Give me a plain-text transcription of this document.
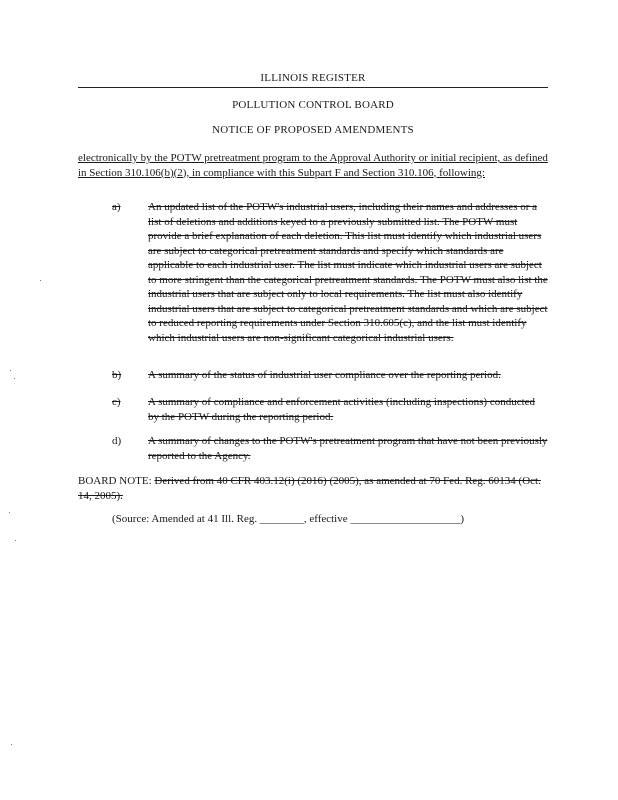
ILLINOIS REGISTER
POLLUTION CONTROL BOARD
NOTICE OF PROPOSED AMENDMENTS
electronically by the POTW pretreatment program to the Approval Authority or initial recipient, as defined in Section 310.106(b)(2), in compliance with this Subpart F and Section 310.106, following:
a)	An updated list of the POTW's industrial users, including their names and addresses or a list of deletions and additions keyed to a previously submitted list. The POTW must provide a brief explanation of each deletion. This list must identify which industrial users are subject to categorical pretreatment standards and specify which standards are applicable to each industrial user. The list must indicate which industrial users are subject to more stringent than the categorical pretreatment standards. The POTW must also list the industrial users that are subject only to local requirements. The list must also identify industrial users that are subject to categorical pretreatment standards and which are subject to reduced reporting requirements under Section 310.605(c), and the list must identify which industrial users are non-significant categorical industrial users.
b)	A summary of the status of industrial user compliance over the reporting period.
c)	A summary of compliance and enforcement activities (including inspections) conducted by the POTW during the reporting period.
d)	A summary of changes to the POTW's pretreatment program that have not been previously reported to the Agency.
BOARD NOTE: Derived from 40 CFR 403.12(i) (2016) (2005), as amended at 70 Fed. Reg. 60134 (Oct. 14, 2005).
(Source: Amended at 41 Ill. Reg. ________, effective ____________________)
